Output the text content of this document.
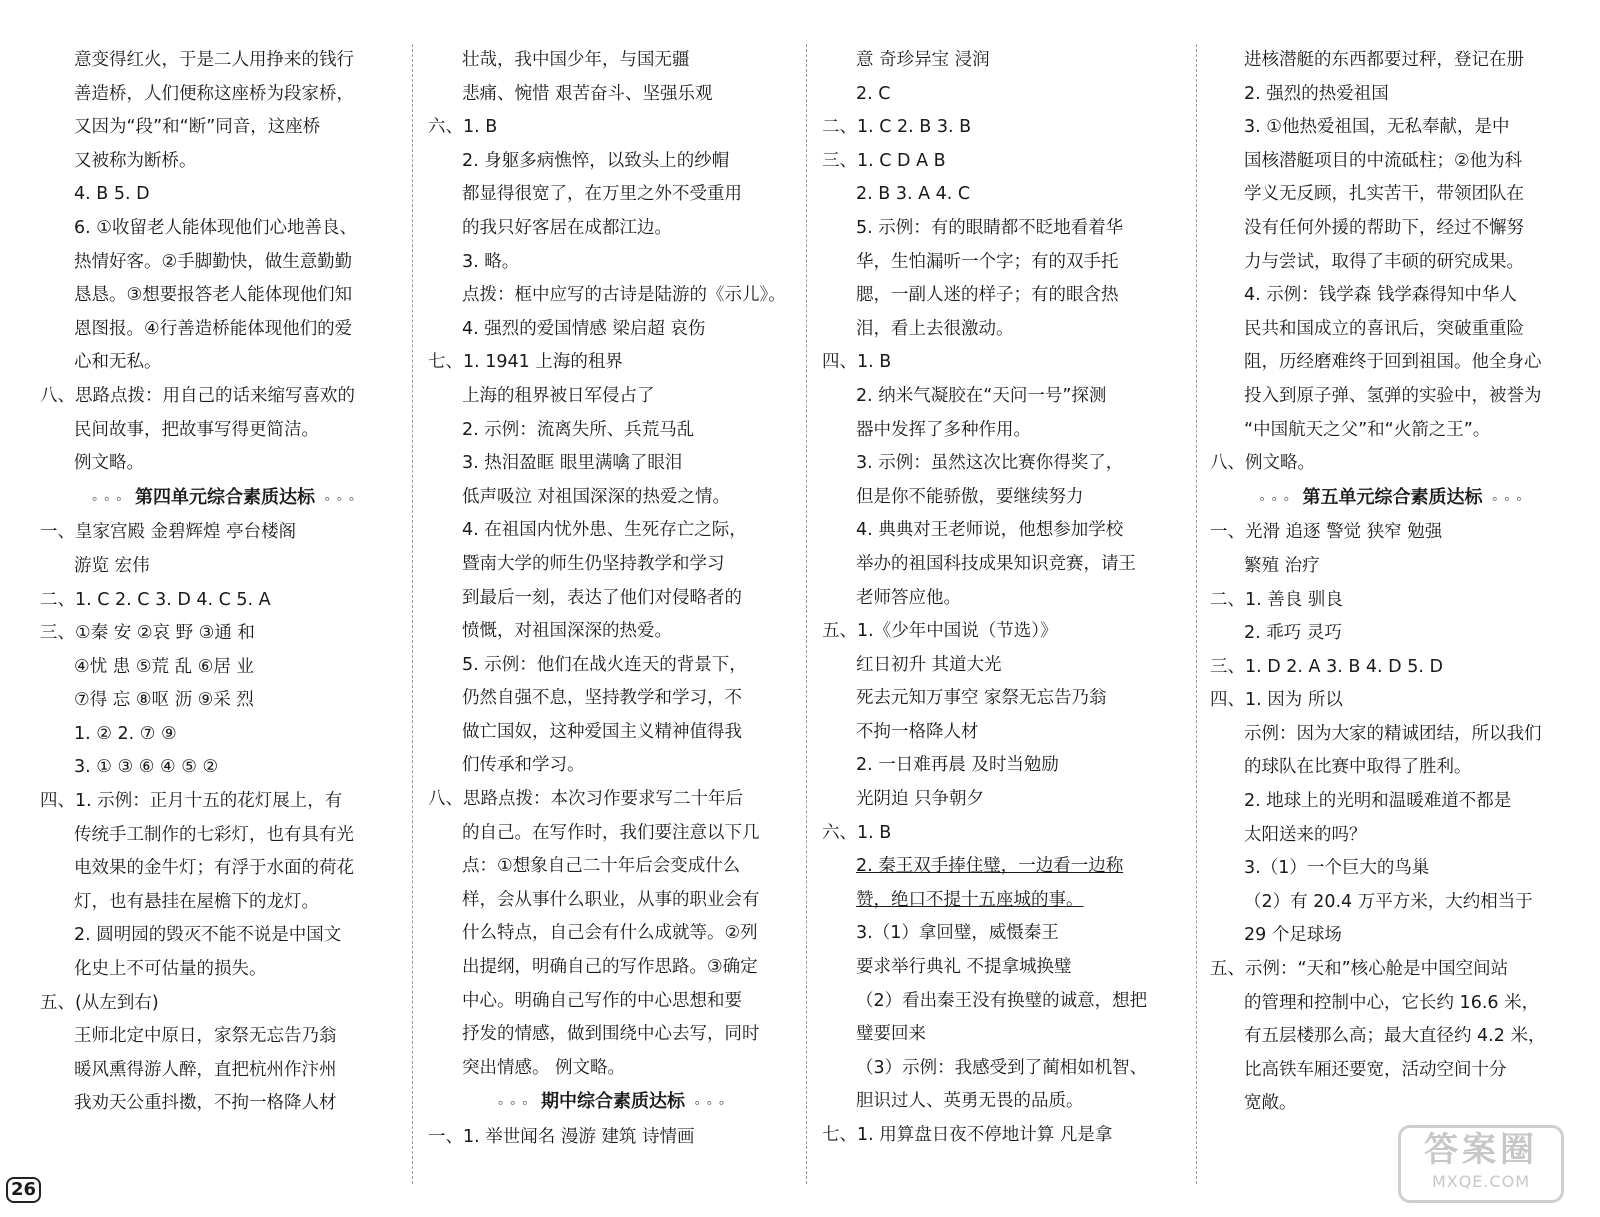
意变得红火，于是二人用挣来的钱行
善造桥，人们便称这座桥为段家桥，
又因为“段”和“断”同音，这座桥
又被称为断桥。
4. B 5. D
6. ①收留老人能体现他们心地善良、
热情好客。②手脚勤快，做生意勤勤
恳恳。③想要报答老人能体现他们知
恩图报。④行善造桥能体现他们的爱
心和无私。
八、思路点拨：用自己的话来缩写喜欢的
民间故事，把故事写得更简洁。
例文略。
∘∘∘ 第四单元综合素质达标 ∘∘∘
一、皇家宫殿 金碧辉煌 亭台楼阁
游览 宏伟
二、1. C 2. C 3. D 4. C 5. A
三、①秦 安 ②哀 野 ③通 和
④忧 患 ⑤荒 乱 ⑥居 业
⑦得 忘 ⑧呕 沥 ⑨采 烈
1. ② 2. ⑦ ⑨
3. ① ③ ⑥ ④ ⑤ ②
四、1. 示例：正月十五的花灯展上，有
传统手工制作的七彩灯，也有具有光
电效果的金牛灯；有浮于水面的荷花
灯，也有悬挂在屋檐下的龙灯。
2. 圆明园的毁灭不能不说是中国文
化史上不可估量的损失。
五、(从左到右)
王师北定中原日，家祭无忘告乃翁
暖风熏得游人醉，直把杭州作汴州
我劝天公重抖擞，不拘一格降人材
壮哉，我中国少年，与国无疆
悲痛、惋惜 艰苦奋斗、坚强乐观
六、1. B
2. 身躯多病憔悴，以致头上的纱帽
都显得很宽了，在万里之外不受重用
的我只好客居在成都江边。
3. 略。
点拨：框中应写的古诗是陆游的《示儿》。
4. 强烈的爱国情感 梁启超 哀伤
七、1. 1941 上海的租界
上海的租界被日军侵占了
2. 示例：流离失所、兵荒马乱
3. 热泪盈眶 眼里满噙了眼泪
低声吸泣 对祖国深深的热爱之情。
4. 在祖国内忧外患、生死存亡之际，
暨南大学的师生仍坚持教学和学习
到最后一刻，表达了他们对侵略者的
愤慨，对祖国深深的热爱。
5. 示例：他们在战火连天的背景下，
仍然自强不息，坚持教学和学习，不
做亡国奴，这种爱国主义精神值得我
们传承和学习。
八、思路点拨：本次习作要求写二十年后
的自己。在写作时，我们要注意以下几
点：①想象自己二十年后会变成什么
样，会从事什么职业，从事的职业会有
什么特点，自己会有什么成就等。②列
出提纲，明确自己的写作思路。③确定
中心。明确自己写作的中心思想和要
抒发的情感，做到围绕中心去写，同时
突出情感。 例文略。
∘∘∘ 期中综合素质达标 ∘∘∘
一、1. 举世闻名 漫游 建筑 诗情画
意 奇珍异宝 浸润
2. C
二、1. C 2. B 3. B
三、1. C D A B
2. B 3. A 4. C
5. 示例：有的眼睛都不眨地看着华
华，生怕漏听一个字；有的双手托
腮，一副人迷的样子；有的眼含热
泪，看上去很激动。
四、1. B
2. 纳米气凝胶在“天问一号”探测
器中发挥了多种作用。
3. 示例：虽然这次比赛你得奖了，
但是你不能骄傲，要继续努力
4. 典典对王老师说，他想参加学校
举办的祖国科技成果知识竞赛，请王
老师答应他。
五、1.《少年中国说（节选）》
红日初升 其道大光
死去元知万事空 家祭无忘告乃翁
不拘一格降人材
2. 一日难再晨 及时当勉励
光阴迫 只争朝夕
六、1. B
2. 秦王双手捧住璧，一边看一边称
赞，绝口不提十五座城的事。
3.（1）拿回璧，威慑秦王
要求举行典礼 不提拿城换璧
（2）看出秦王没有换璧的诚意，想把
璧要回来
（3）示例：我感受到了蔺相如机智、
胆识过人、英勇无畏的品质。
七、1. 用算盘日夜不停地计算 凡是拿
进核潜艇的东西都要过秤，登记在册
2. 强烈的热爱祖国
3. ①他热爱祖国，无私奉献，是中
国核潜艇项目的中流砥柱；②他为科
学义无反顾，扎实苦干，带领团队在
没有任何外援的帮助下，经过不懈努
力与尝试，取得了丰硕的研究成果。
4. 示例：钱学森 钱学森得知中华人
民共和国成立的喜讯后，突破重重险
阻，历经磨难终于回到祖国。他全身心
投入到原子弹、氢弹的实验中，被誉为
“中国航天之父”和“火箭之王”。
八、例文略。
∘∘∘ 第五单元综合素质达标 ∘∘∘
一、光滑 追逐 警觉 狭窄 勉强
繁殖 治疗
二、1. 善良 驯良
2. 乖巧 灵巧
三、1. D 2. A 3. B 4. D 5. D
四、1. 因为 所以
示例：因为大家的精诚团结，所以我们
的球队在比赛中取得了胜利。
2. 地球上的光明和温暖难道不都是
太阳送来的吗？
3.（1）一个巨大的鸟巢
（2）有 20.4 万平方米，大约相当于
29 个足球场
五、示例：“天和”核心舱是中国空间站
的管理和控制中心，它长约 16.6 米，
有五层楼那么高；最大直径约 4.2 米，
比高铁车厢还要宽，活动空间十分
宽敞。
26
答案圈
MXQE.COM
